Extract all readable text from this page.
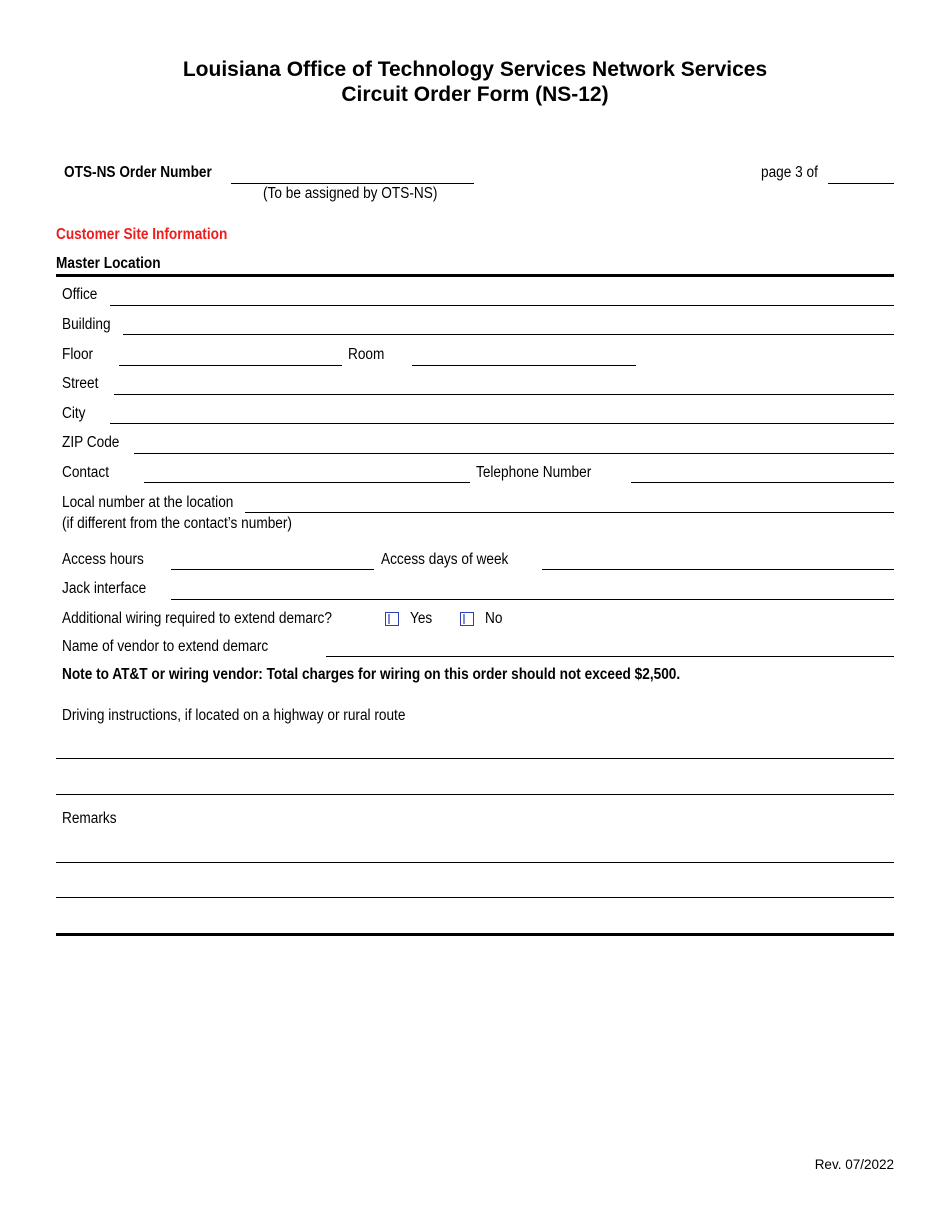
Louisiana Office of Technology Services Network Services
Circuit Order Form (NS-12)
OTS-NS Order Number
(To be assigned by OTS-NS)
page 3 of
Customer Site Information
Master Location
Office
Building
Floor	Room
Street
City
ZIP Code
Contact	Telephone Number
Local number at the location
(if different from the contact’s number)
Access hours	Access days of week
Jack interface
Additional wiring required to extend demarc?	Yes	No
Name of vendor to extend demarc
Note to AT&T or wiring vendor: Total charges for wiring on this order should not exceed $2,500.
Driving instructions, if located on a highway or rural route
Remarks
Rev. 07/2022
